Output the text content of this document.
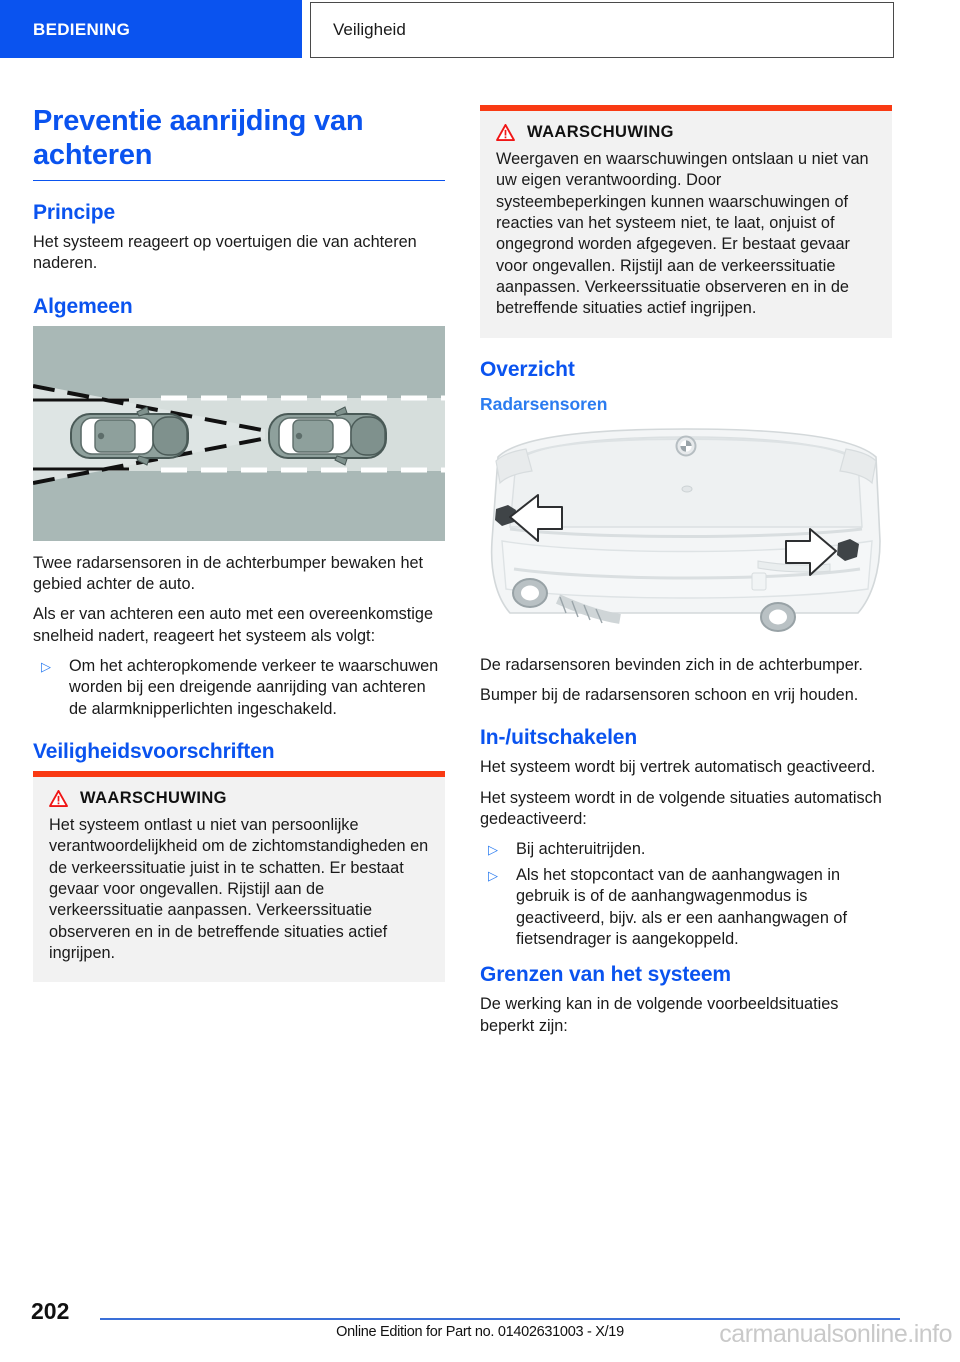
BEDIENING	Veiligheid
Preventie aanrijding van achteren
Principe

Het systeem reageert op voertuigen die van achteren naderen.

Algemeen

Twee radarsensoren in de achterbumper bewaken het gebied achter de auto.

Als er van achteren een auto met een overeenkomstige snelheid nadert, reageert het systeem als volgt:

▷	Om het achteropkomende verkeer te waarschuwen worden bij een dreigende aanrijding van achteren de alarmknipperlichten ingeschakeld.
Veiligheidsvoorschriften
WAARSCHUWING
Het systeem ontlast u niet van persoonlijke verantwoordelijkheid om de zichtomstandigheden en de verkeerssituatie juist in te schatten. Er bestaat gevaar voor ongevallen. Rijstijl aan de verkeerssituatie aanpassen. Verkeerssituatie observeren en in de betreffende situaties actief ingrijpen.
WAARSCHUWING
Weergaven en waarschuwingen ontslaan u niet van uw eigen verantwoording. Door systeembeperkingen kunnen waarschuwingen of reacties van het systeem niet, te laat, onjuist of ongegrond worden afgegeven. Er bestaat gevaar voor ongevallen. Rijstijl aan de verkeerssituatie aanpassen. Verkeerssituatie observeren en in de betreffende situaties actief ingrijpen.
Overzicht
Radarsensoren

De radarsensoren bevinden zich in de achterbumper.

Bumper bij de radarsensoren schoon en vrij houden.

In-/uitschakelen

Het systeem wordt bij vertrek automatisch geactiveerd.

Het systeem wordt in de volgende situaties automatisch gedeactiveerd:

▷	Bij achteruitrijden.
▷	Als het stopcontact van de aanhangwagen in gebruik is of de aanhangwagenmodus is geactiveerd, bijv. als er een aanhangwagen of fietsendrager is aangekoppeld.
Grenzen van het systeem

De werking kan in de volgende voorbeeldsituaties beperkt zijn:

202
Online Edition for Part no. 01402631003 - X/19	carmanualsonline.info
